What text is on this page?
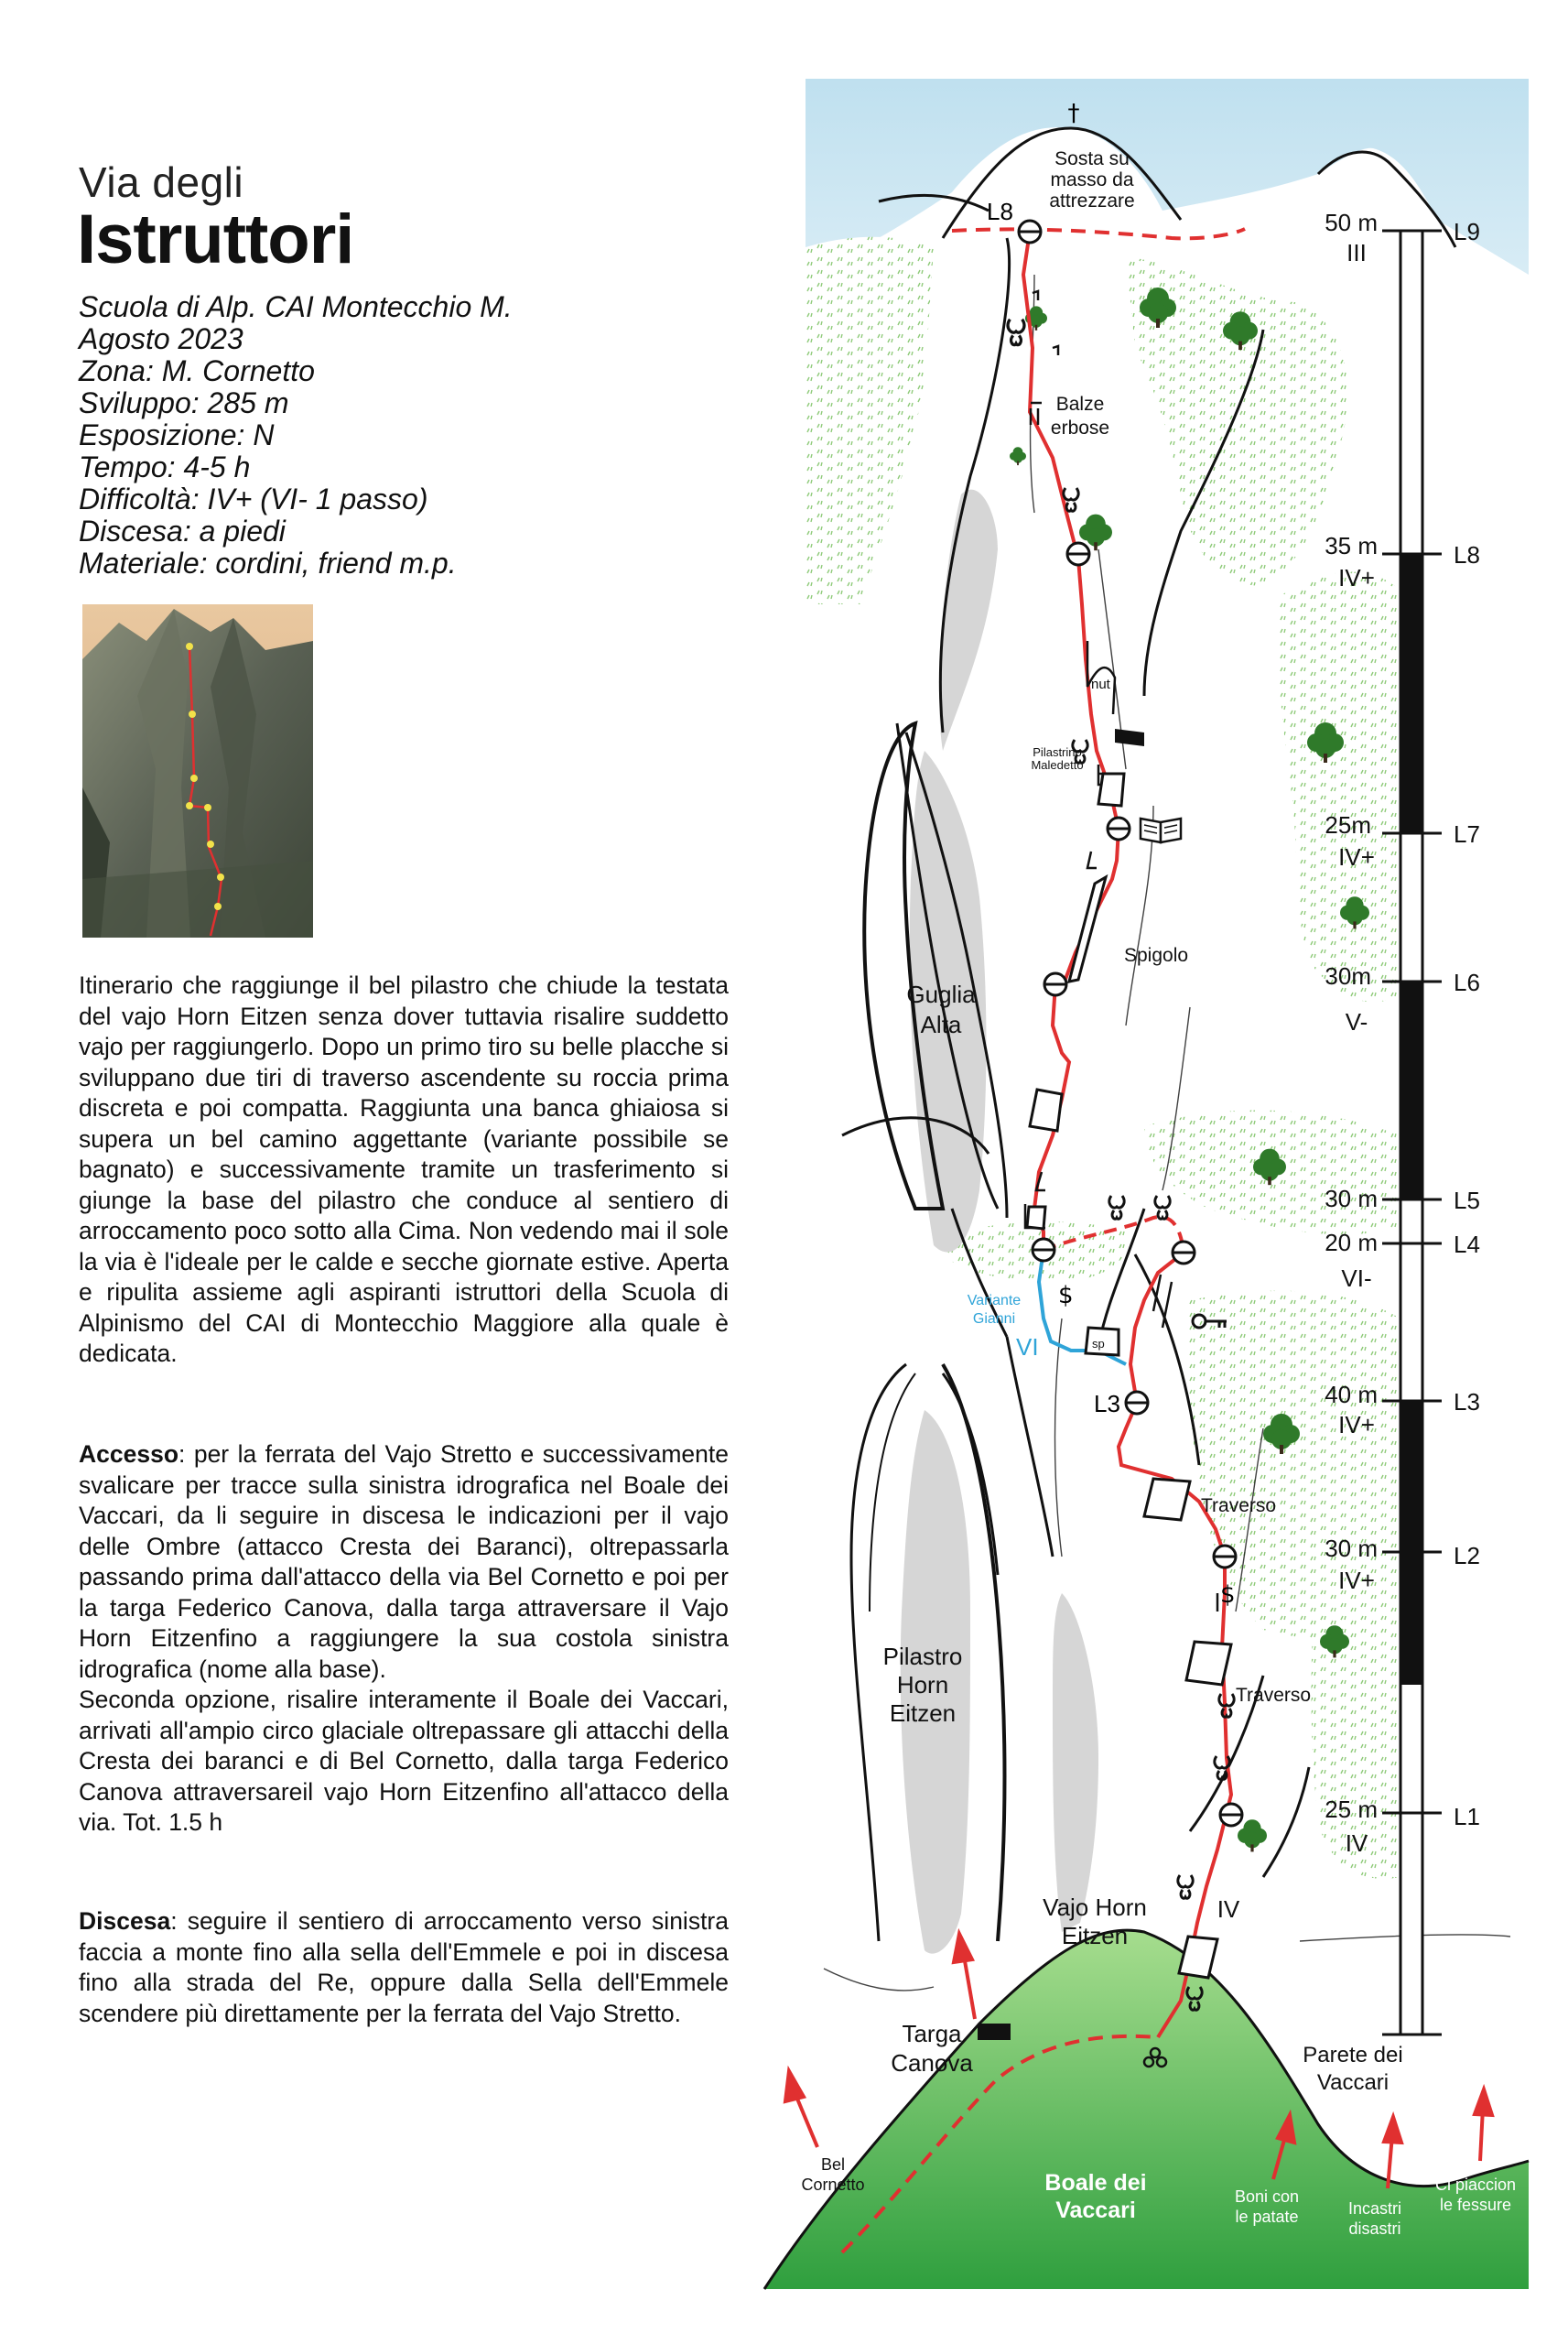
Via degli
Istruttori
Scuola di Alp. CAI Montecchio M.
Agosto 2023
Zona: M. Cornetto
Sviluppo: 285 m
Esposizione: N
Tempo: 4-5 h
Difficoltà: IV+ (VI- 1 passo)
Discesa: a piedi
Materiale: cordini, friend m.p.
Itinerario che raggiunge il bel pilastro che chiude la testata del vajo Horn Eitzen senza dover tuttavia risalire suddetto vajo per raggiungerlo. Dopo un primo tiro su belle placche si sviluppano due tiri di traverso ascendente su roccia prima discreta e poi compatta. Raggiunta una banca ghiaiosa si supera un bel camino aggettante (variante possibile se bagnato) e successivamente tramite un trasferimento si giunge la base del pilastro che conduce al sentiero di arroccamento poco sotto alla Cima. Non vedendo mai il sole la via è l'ideale per le calde e secche giornate estive. Aperta e ripulita assieme agli aspiranti istruttori della Scuola di Alpinismo del CAI di Montecchio Maggiore alla quale è dedicata.
Accesso: per la ferrata del Vajo Stretto e successivamente svalicare per tracce sulla sinistra idrografica nel Boale dei Vaccari, da li seguire in discesa le indicazioni per il vajo delle Ombre (attacco Cresta dei Baranci), oltrepassarla passando prima dall'attacco della via Bel Cornetto e poi per la targa Federico Canova, dalla targa attraversare il Vajo Horn Eitzenfino a raggiungere la sua costola sinistra idrografica (nome alla base).
Seconda opzione, risalire interamente il Boale dei Vaccari, arrivati all'ampio circo glaciale oltrepassare gli attacchi della Cresta dei baranci e di Bel Cornetto, dalla targa Federico Canova attraversareil vajo Horn Eitzenfino all'attacco della via. Tot. 1.5 h
Discesa: seguire il sentiero di arroccamento verso sinistra faccia a monte fino alla sella dell'Emmele e poi in discesa fino alla strada del Re, oppure dalla Sella dell'Emmele scendere più direttamente per la ferrata del Vajo Stretto.
†
$
$
50 m
III
L9
35 m
IV+
L8
25m
IV+
L7
30m
V-
L6
30 m	L5
20 m
VI-
L4
40 m
IV+
L3
30 m
IV+
L2
25 m
IV
L1
L8
L3
Sosta su
masso da
attrezzare
Balze
erbose
nut
Pilastrino
Maledetto
Spigolo
Guglia
Alta
Variante
Gianni
VI	sp
Traverso
Traverso
Pilastro
Horn
Eitzen
Vajo Horn
Eitzen
IV
Targa
Canova	Parete dei
Vaccari
Bel
Cornetto	Boale dei
Vaccari
Boni con
le patate	Incastri
disastri
Ci piaccion
le fessure
